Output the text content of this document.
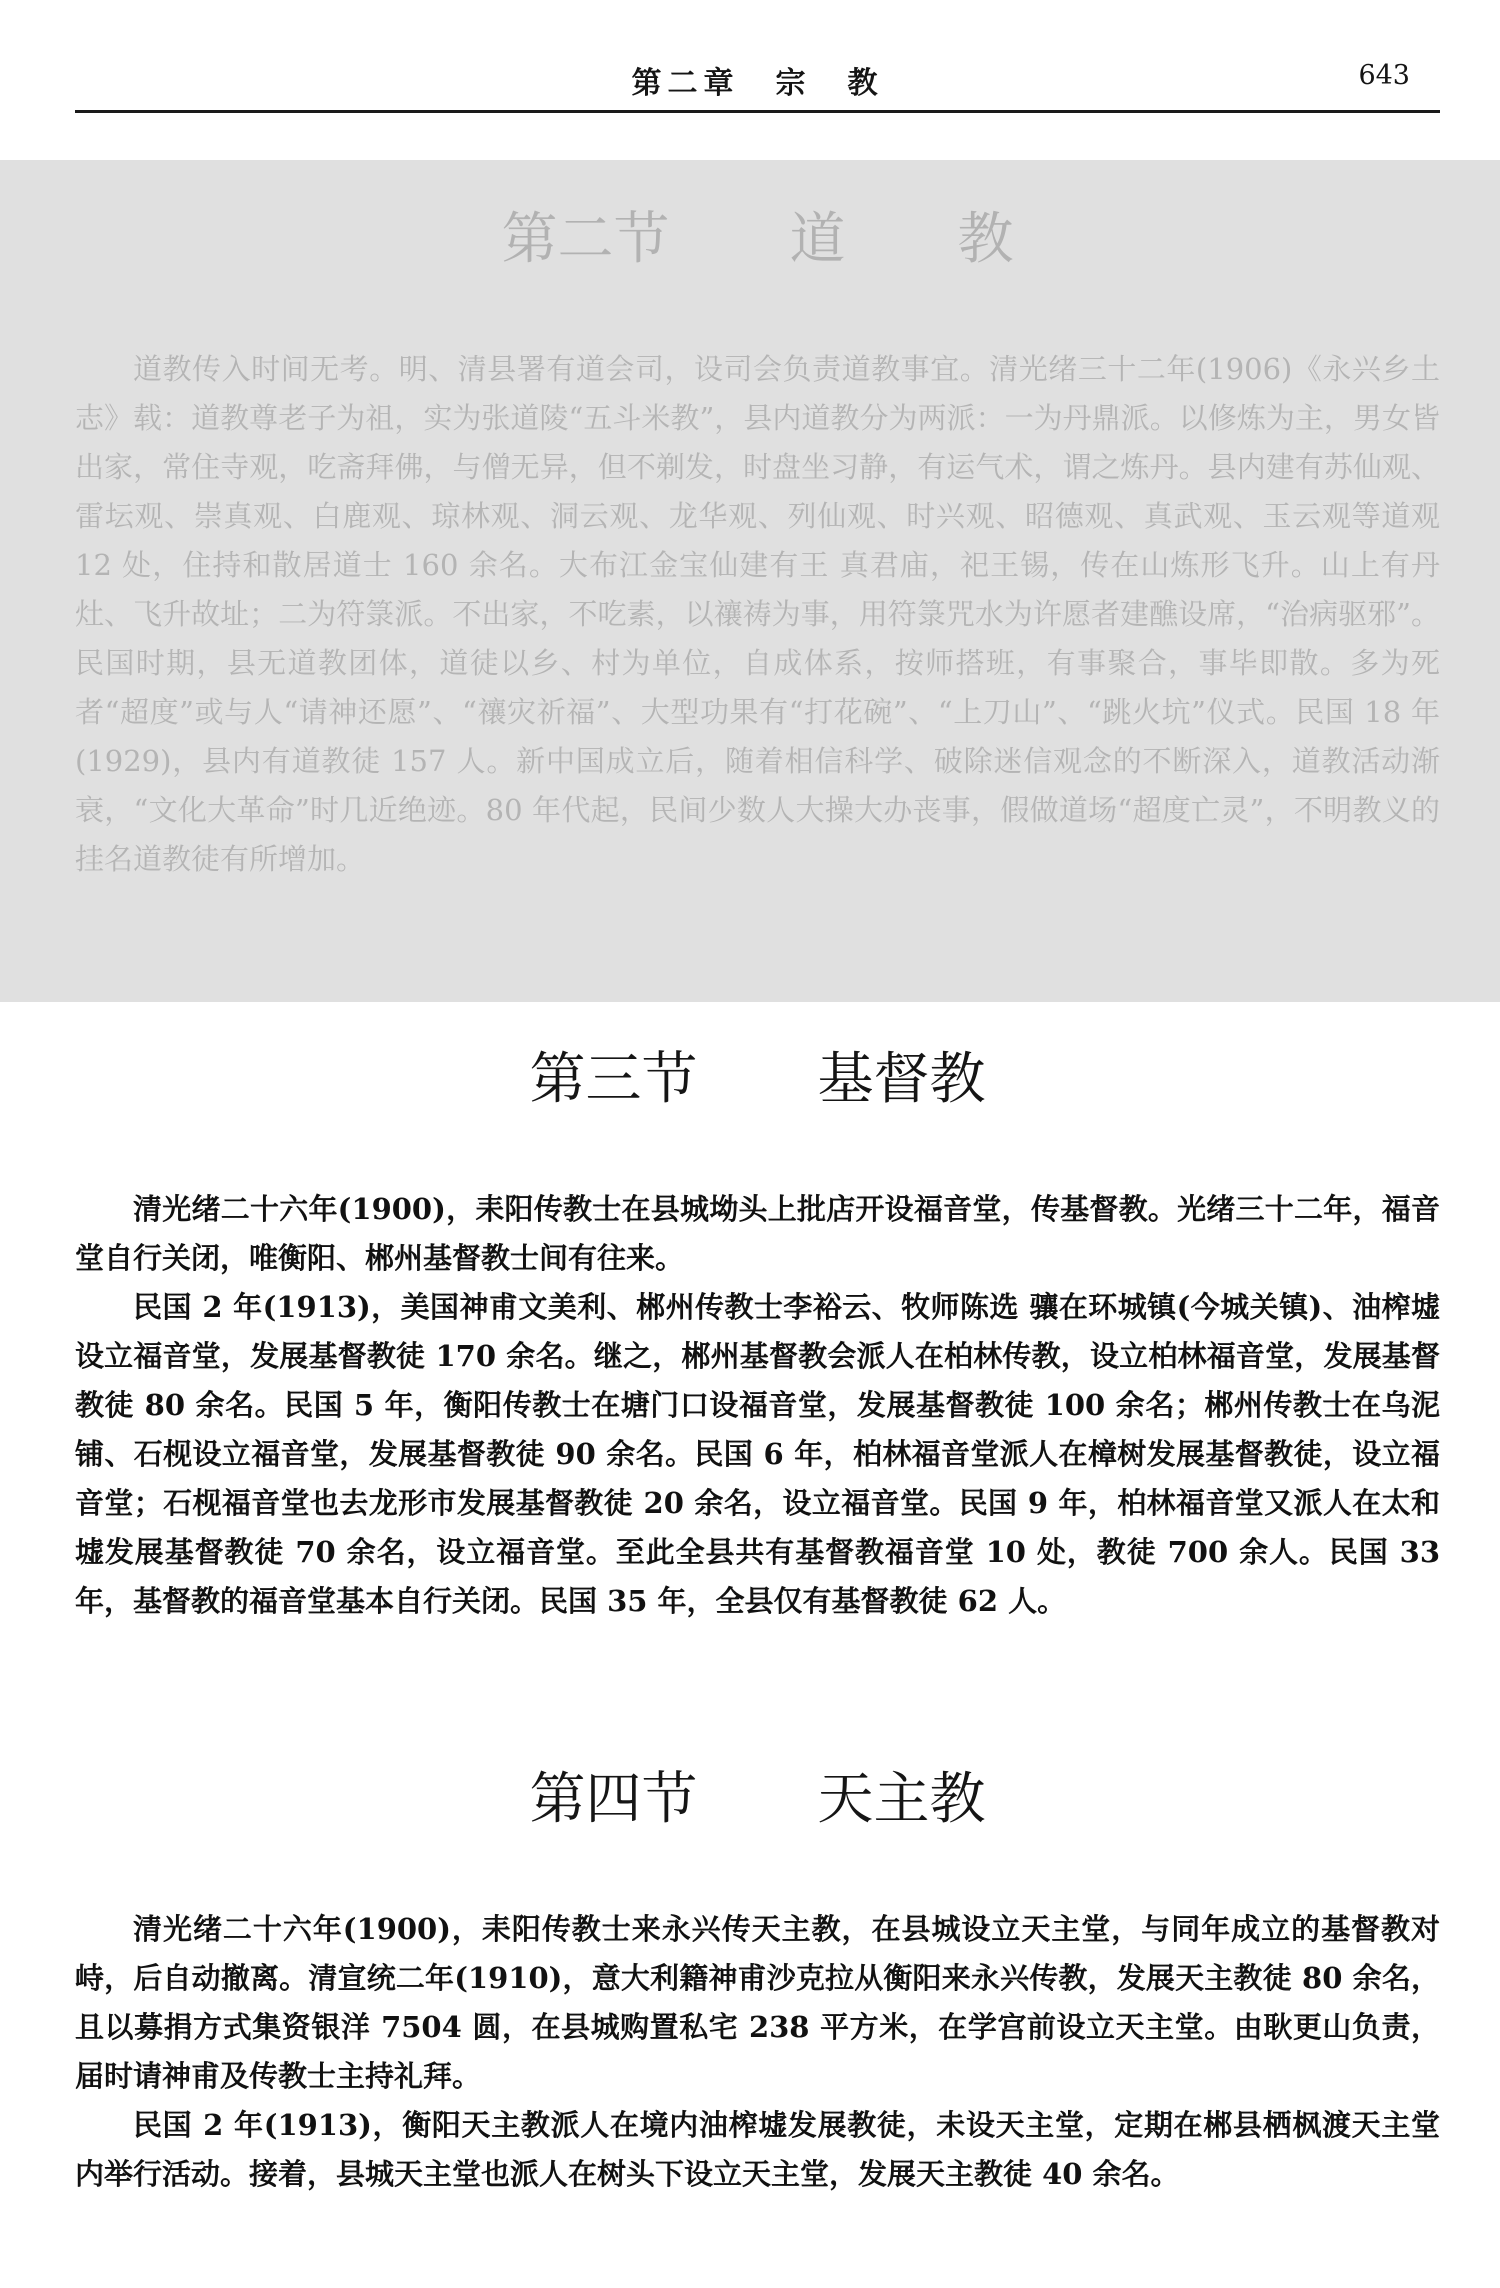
第二章　宗　教	643
第二节 道　　教

道教传入时间无考。明、清县署有道会司，设司会负责道教事宜。清光绪三十二年(1906)《永兴乡土志》载：道教尊老子为祖，实为张道陵“五斗米教”，县内道教分为两派：一为丹鼎派。以修炼为主，男女皆出家，常住寺观，吃斋拜佛，与僧无异，但不剃发，时盘坐习静，有运气术，谓之炼丹。县内建有苏仙观、雷坛观、崇真观、白鹿观、琼林观、洞云观、龙华观、列仙观、时兴观、昭德观、真武观、玉云观等道观 12 处，住持和散居道士 160 余名。大布江金宝仙建有王 真君庙，祀王锡，传在山炼形飞升。山上有丹灶、飞升故址；二为符箓派。不出家，不吃素，以禳祷为事，用符箓咒水为许愿者建醮设席，“治病驱邪”。民国时期，县无道教团体，道徒以乡、村为单位，自成体系，按师搭班，有事聚合，事毕即散。多为死者“超度”或与人“请神还愿”、“禳灾祈福”、大型功果有“打花碗”、“上刀山”、“跳火坑”仪式。民国 18 年(1929)，县内有道教徒 157 人。新中国成立后，随着相信科学、破除迷信观念的不断深入，道教活动渐衰，“文化大革命”时几近绝迹。80 年代起，民间少数人大操大办丧事，假做道场“超度亡灵”，不明教义的挂名道教徒有所增加。

第三节 基督教

清光绪二十六年(1900)，耒阳传教士在县城坳头上批店开设福音堂，传基督教。光绪三十二年，福音堂自行关闭，唯衡阳、郴州基督教士间有往来。

民国 2 年(1913)，美国神甫文美利、郴州传教士李裕云、牧师陈选 骧在环城镇(今城关镇)、油榨墟设立福音堂，发展基督教徒 170 余名。继之，郴州基督教会派人在柏林传教，设立柏林福音堂，发展基督教徒 80 余名。民国 5 年，衡阳传教士在塘门口设福音堂，发展基督教徒 100 余名；郴州传教士在乌泥铺、石枧设立福音堂，发展基督教徒 90 余名。民国 6 年，柏林福音堂派人在樟树发展基督教徒，设立福音堂；石枧福音堂也去龙形市发展基督教徒 20 余名，设立福音堂。民国 9 年，柏林福音堂又派人在太和墟发展基督教徒 70 余名，设立福音堂。至此全县共有基督教福音堂 10 处，教徒 700 余人。民国 33 年，基督教的福音堂基本自行关闭。民国 35 年，全县仅有基督教徒 62 人。

第四节 天主教

清光绪二十六年(1900)，耒阳传教士来永兴传天主教，在县城设立天主堂，与同年成立的基督教对峙，后自动撤离。清宣统二年(1910)，意大利籍神甫沙克拉从衡阳来永兴传教，发展天主教徒 80 余名，且以募捐方式集资银洋 7504 圆，在县城购置私宅 238 平方米，在学宫前设立天主堂。由耿更山负责，届时请神甫及传教士主持礼拜。

民国 2 年(1913)，衡阳天主教派人在境内油榨墟发展教徒，未设天主堂，定期在郴县栖枫渡天主堂内举行活动。接着，县城天主堂也派人在树头下设立天主堂，发展天主教徒 40 余名。
